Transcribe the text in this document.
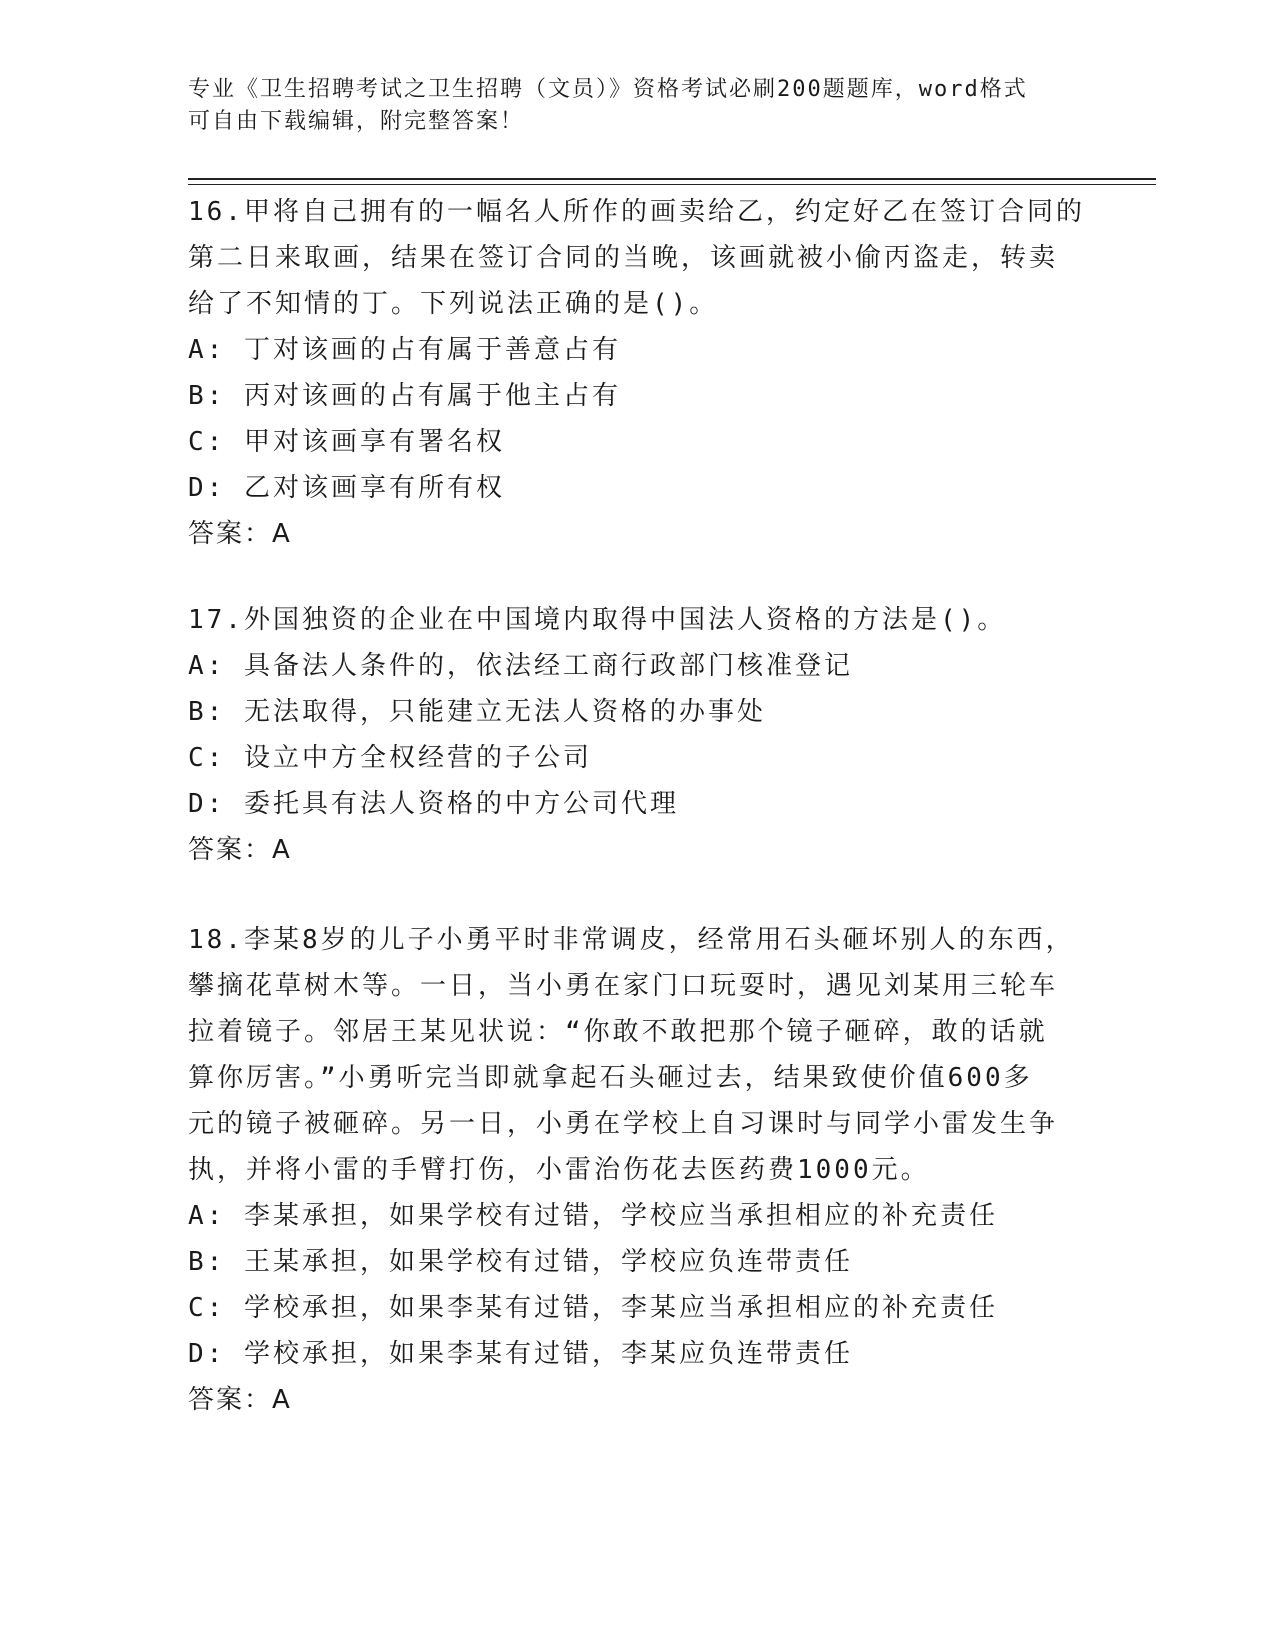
专业《卫生招聘考试之卫生招聘（文员）》资格考试必刷200题题库，word格式
可自由下载编辑，附完整答案！
16.甲将自己拥有的一幅名人所作的画卖给乙，约定好乙在签订合同的
第二日来取画，结果在签订合同的当晚，该画就被小偷丙盗走，转卖
给了不知情的丁。下列说法正确的是()。
A: 丁对该画的占有属于善意占有
B: 丙对该画的占有属于他主占有
C: 甲对该画享有署名权
D: 乙对该画享有所有权
答案：A
17.外国独资的企业在中国境内取得中国法人资格的方法是()。
A: 具备法人条件的，依法经工商行政部门核准登记
B: 无法取得，只能建立无法人资格的办事处
C: 设立中方全权经营的子公司
D: 委托具有法人资格的中方公司代理
答案：A
18.李某8岁的儿子小勇平时非常调皮，经常用石头砸坏别人的东西，
攀摘花草树木等。一日，当小勇在家门口玩耍时，遇见刘某用三轮车
拉着镜子。邻居王某见状说：“你敢不敢把那个镜子砸碎，敢的话就
算你厉害。”小勇听完当即就拿起石头砸过去，结果致使价值600多
元的镜子被砸碎。另一日，小勇在学校上自习课时与同学小雷发生争
执，并将小雷的手臂打伤，小雷治伤花去医药费1000元。
A: 李某承担，如果学校有过错，学校应当承担相应的补充责任
B: 王某承担，如果学校有过错，学校应负连带责任
C: 学校承担，如果李某有过错，李某应当承担相应的补充责任
D: 学校承担，如果李某有过错，李某应负连带责任
答案：A
